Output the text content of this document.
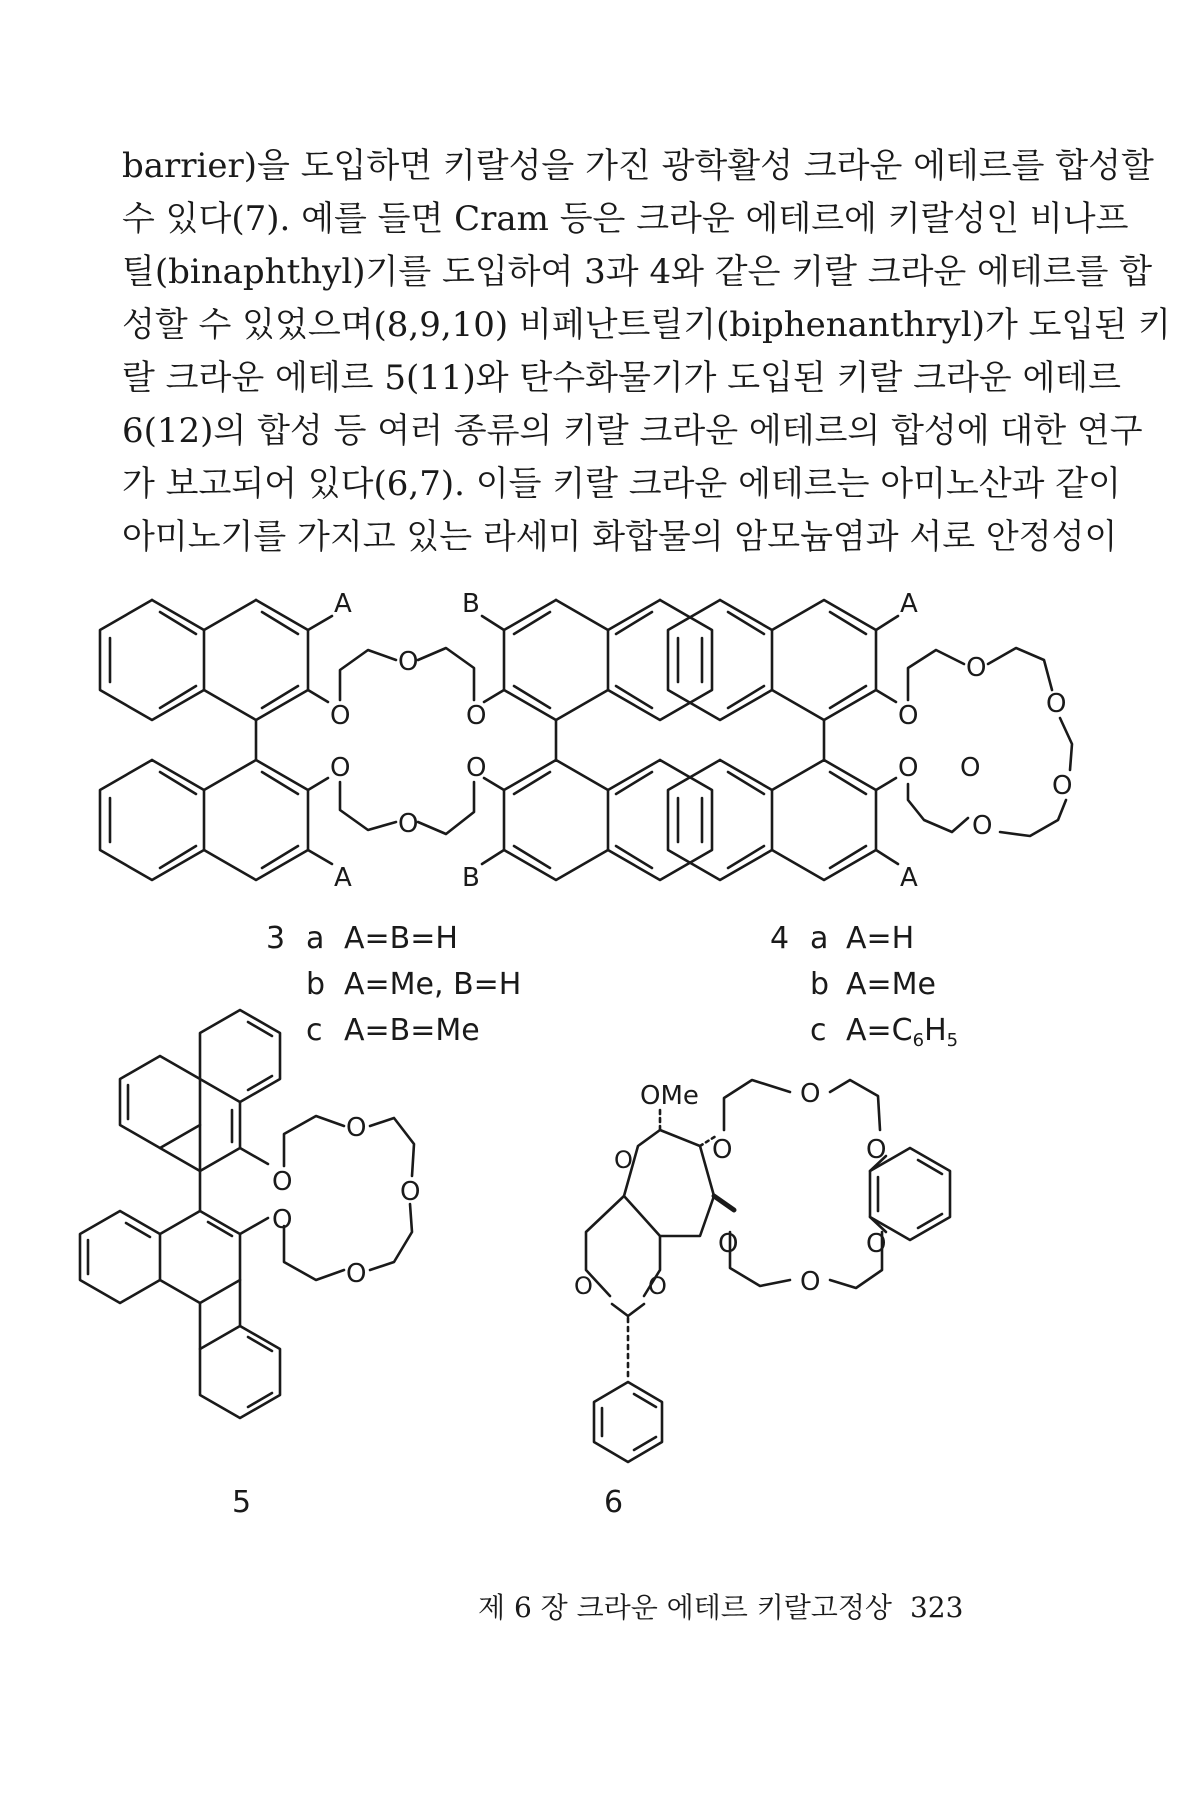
barrier)을 도입하면 키랄성을 가진 광학활성 크라운 에테르를 합성할
수 있다(7). 예를 들면 Cram 등은 크라운 에테르에 키랄성인 비나프
틸(binaphthyl)기를 도입하여 3과 4와 같은 키랄 크라운 에테르를 합
성할 수 있었으며(8,9,10) 비페난트릴기(biphenanthryl)가 도입된 키
랄 크라운 에테르 5(11)와 탄수화물기가 도입된 키랄 크라운 에테르
6(12)의 합성 등 여러 종류의 키랄 크라운 에테르의 합성에 대한 연구
가 보고되어 있다(6,7). 이들 키랄 크라운 에테르는 아미노산과 같이
아미노기를 가지고 있는 라세미 화합물의 암모늄염과 서로 안정성이
A
A
B
B
O
O
O
O
O
O
A
A
O
O
O
O
O
O
O
O
O
O
O
O
OMe
O
O O
O
O
O
O
O
O
3 a A=B=H
b A=Me, B=H
c A=B=Me
4 a A=H
b A=Me
c $A=C_6H_5$
5	6
제 6 장 크라운 에테르 키랄고정상 323
